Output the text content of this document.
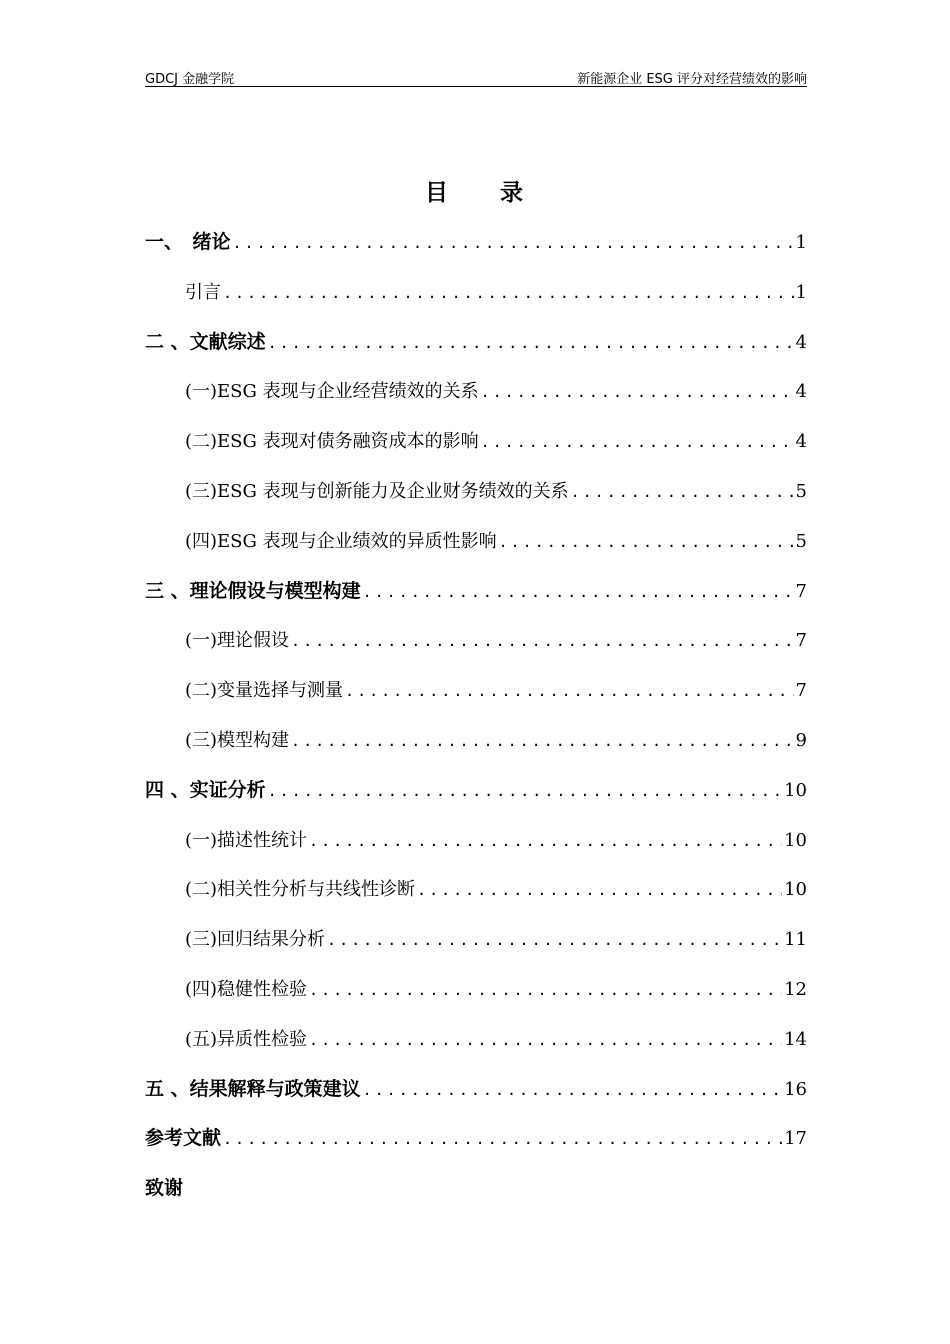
GDCJ 金融学院	新能源企业 ESG 评分对经营绩效的影响
目　　录
一、　绪论 .....	1
引言 .....	1
二 、文献综述 .....	4
(一)ESG 表现与企业经营绩效的关系 .....	4
(二)ESG 表现对债务融资成本的影响 .....	4
(三)ESG 表现与创新能力及企业财务绩效的关系 .....	5
(四)ESG 表现与企业绩效的异质性影响 .....	5
三 、理论假设与模型构建 .....	7
(一)理论假设 .....	7
(二)变量选择与测量 .....	7
(三)模型构建 .....	9
四 、实证分析 .....	10
(一)描述性统计 .....	10
(二)相关性分析与共线性诊断 .....	10
(三)回归结果分析 .....	11
(四)稳健性检验 .....	12
(五)异质性检验 .....	14
五 、结果解释与政策建议 .....	16
参考文献 .....	17
致谢
